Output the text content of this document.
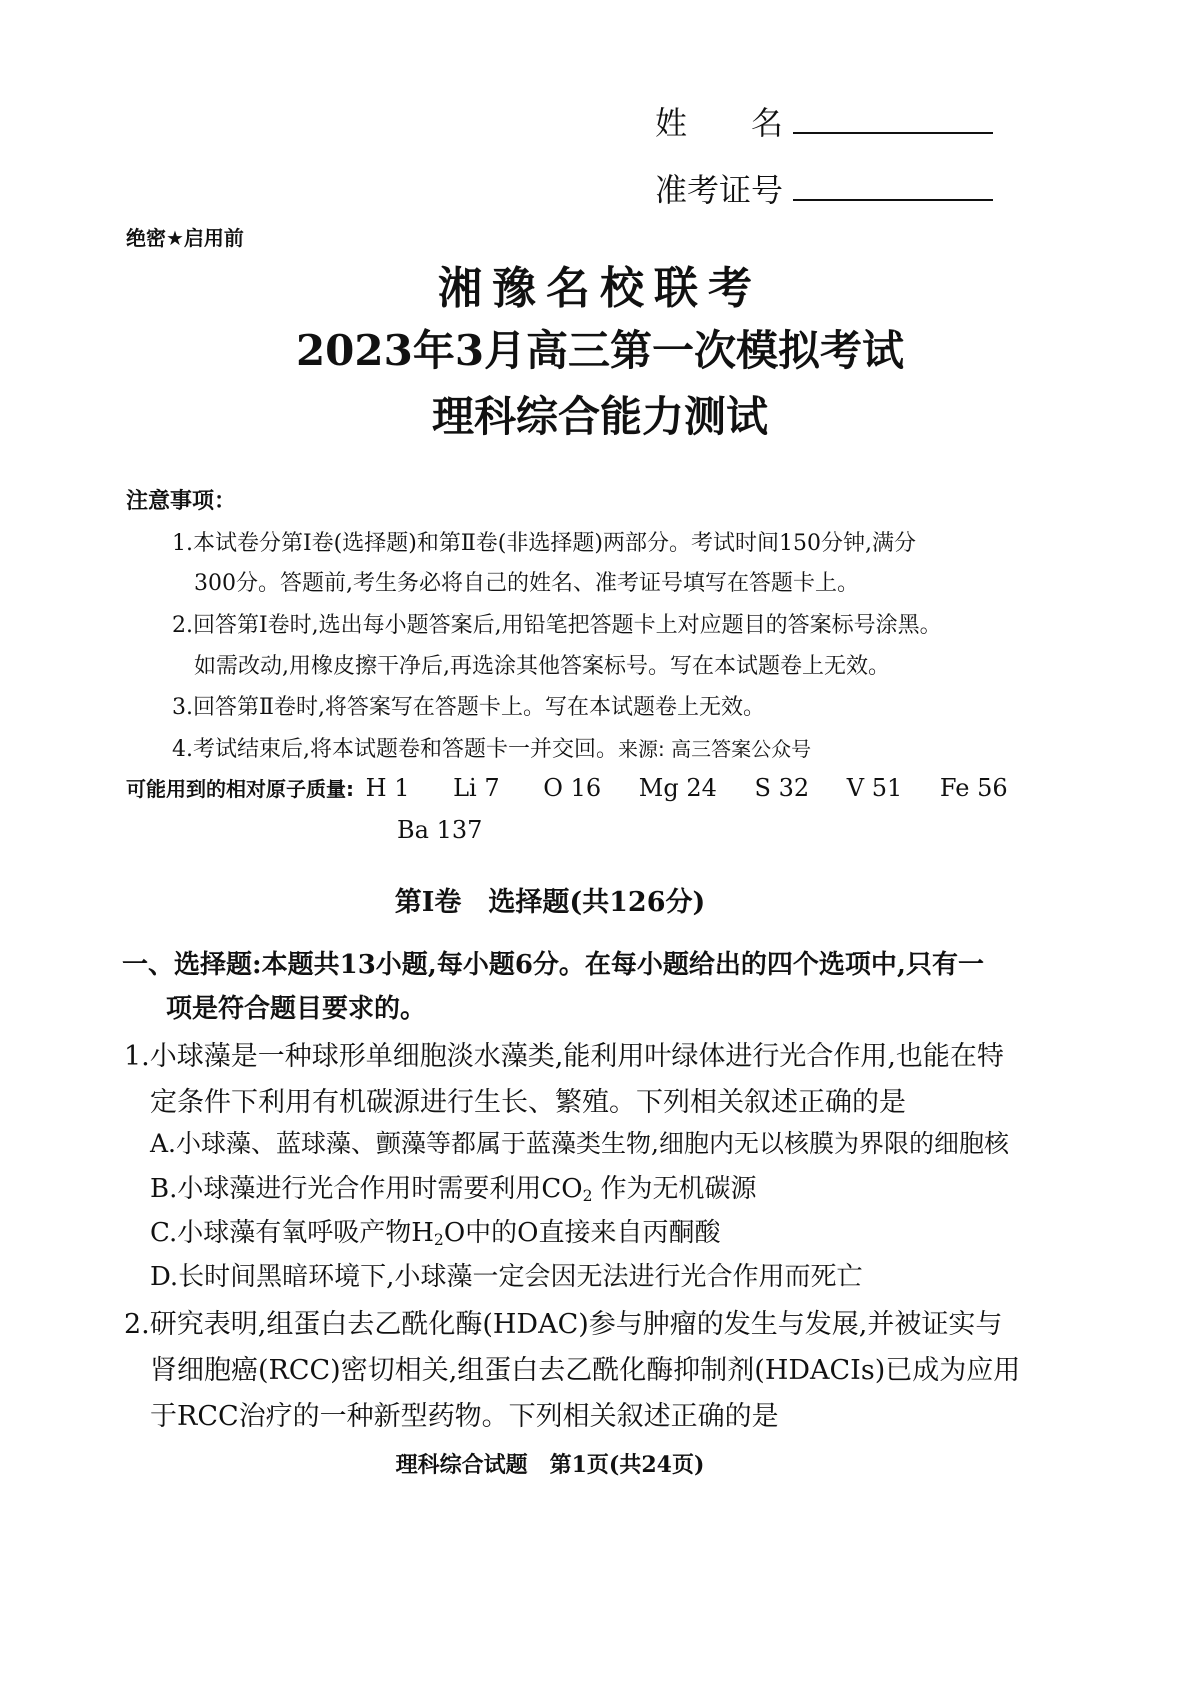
姓　　名
准考证号
绝密★启用前
湘豫名校联考
2023年3月高三第一次模拟考试
理科综合能力测试
注意事项：
1.本试卷分第Ⅰ卷(选择题)和第Ⅱ卷(非选择题)两部分。考试时间150分钟,满分
300分。答题前,考生务必将自己的姓名、准考证号填写在答题卡上。
2.回答第Ⅰ卷时,选出每小题答案后,用铅笔把答题卡上对应题目的答案标号涂黑。
如需改动,用橡皮擦干净后,再选涂其他答案标号。写在本试题卷上无效。
3.回答第Ⅱ卷时,将答案写在答题卡上。写在本试题卷上无效。
4.考试结束后,将本试题卷和答题卡一并交回。来源: 高三答案公众号
可能用到的相对原子质量: H 1 Li 7 O 16 Mg 24 S 32 V 51 Fe 56
Ba 137
第Ⅰ卷　选择题(共126分)
一、选择题:本题共13小题,每小题6分。在每小题给出的四个选项中,只有一
项是符合题目要求的。
1.小球藻是一种球形单细胞淡水藻类,能利用叶绿体进行光合作用,也能在特
定条件下利用有机碳源进行生长、繁殖。下列相关叙述正确的是
A.小球藻、蓝球藻、颤藻等都属于蓝藻类生物,细胞内无以核膜为界限的细胞核
B.小球藻进行光合作用时需要利用$CO_2$ 作为无机碳源
C.小球藻有氧呼吸产物$H_2O$中的O直接来自丙酮酸
D.长时间黑暗环境下,小球藻一定会因无法进行光合作用而死亡
2.研究表明,组蛋白去乙酰化酶(HDAC)参与肿瘤的发生与发展,并被证实与
肾细胞癌(RCC)密切相关,组蛋白去乙酰化酶抑制剂(HDACIs)已成为应用
于RCC治疗的一种新型药物。下列相关叙述正确的是
理科综合试题　第1页(共24页)
